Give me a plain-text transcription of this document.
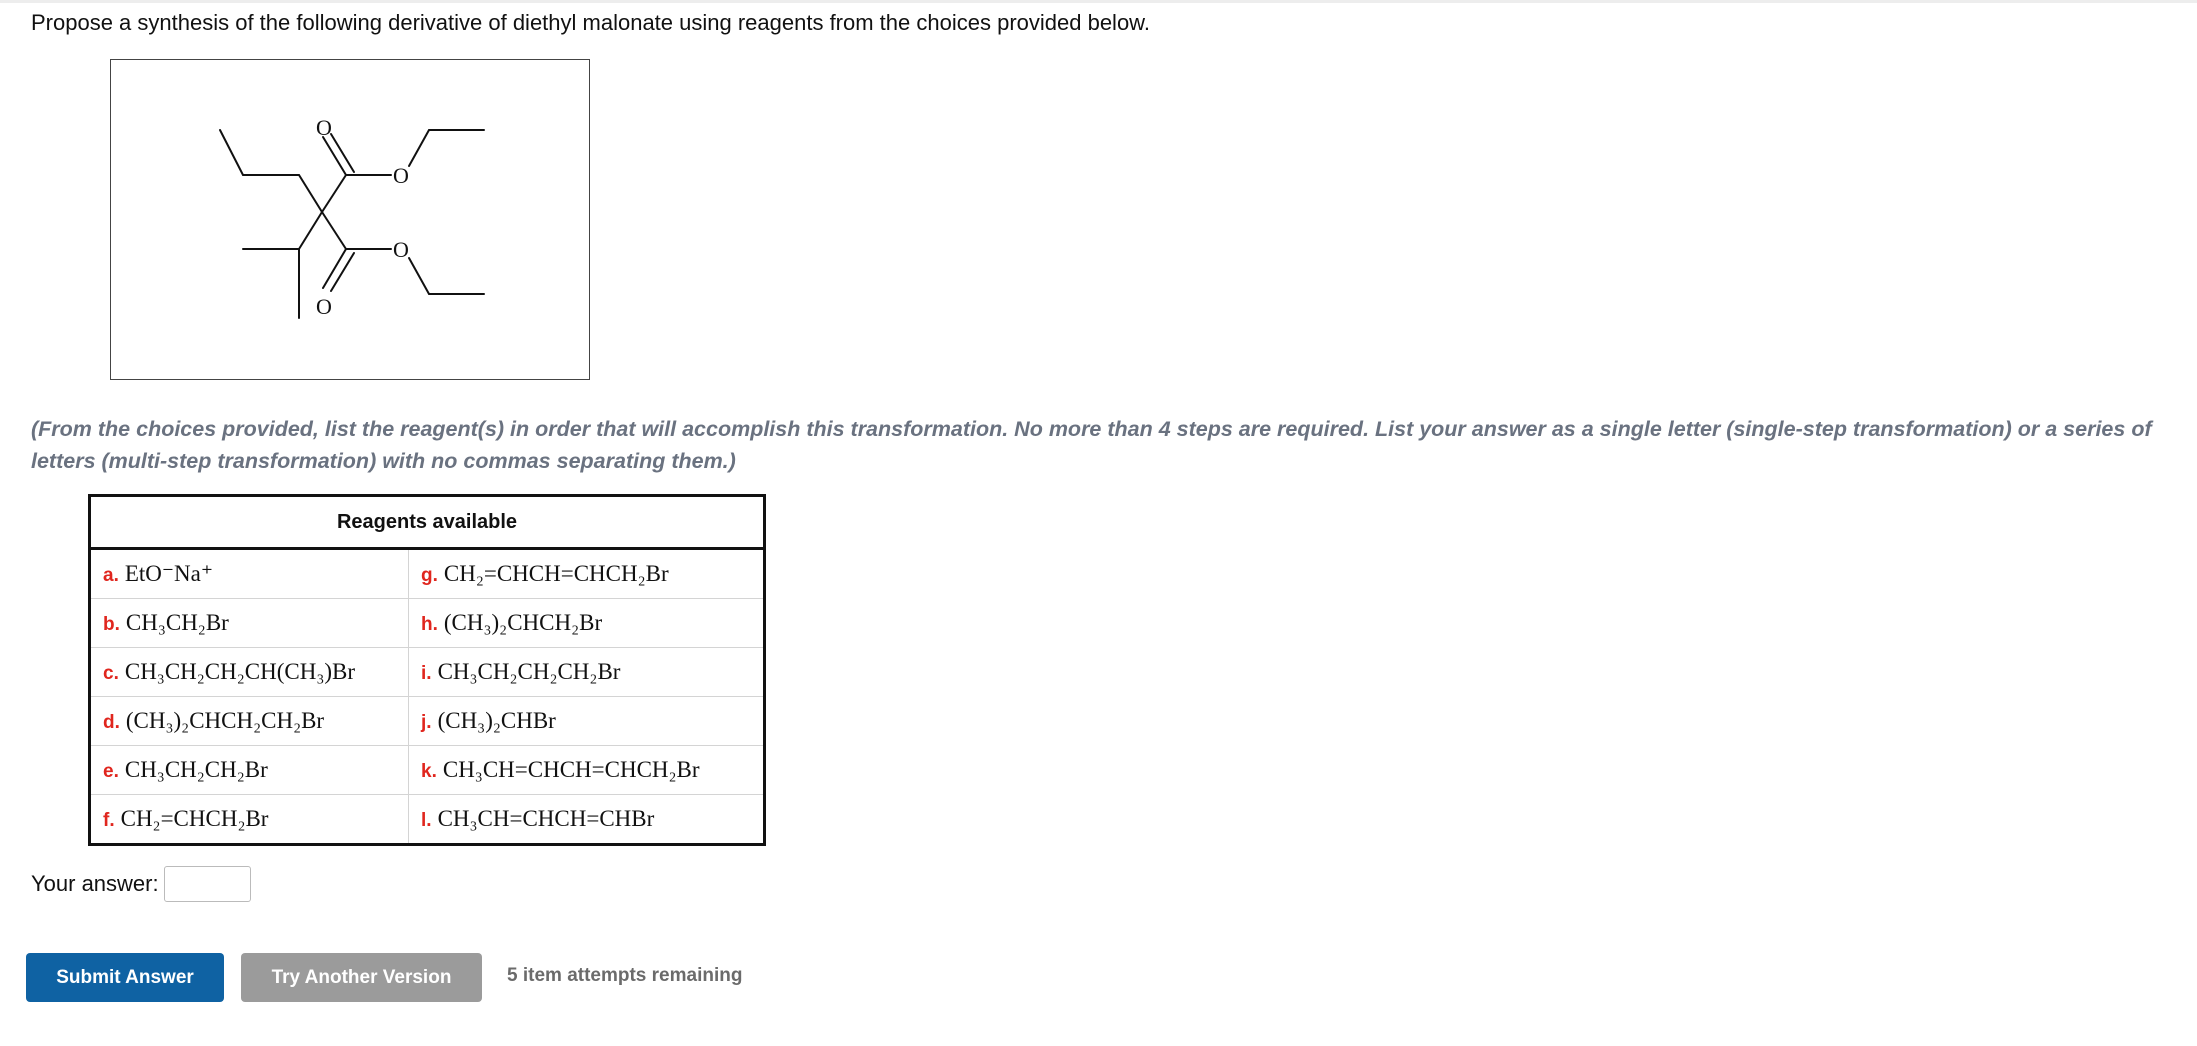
Propose a synthesis of the following derivative of diethyl malonate using reagents from the choices provided below.
O
O
O
O
(From the choices provided, list the reagent(s) in order that will accomplish this transformation. No more than 4 steps are required. List your answer as a single letter (single-step transformation) or a series of letters (multi-step transformation) with no commas separating them.)
Reagents available	
a. EtO⁻Na⁺	g. CH₂=CHCH=CHCH₂Br
b. CH₃CH₂Br	h. (CH₃)₂CHCH₂Br
c. CH₃CH₂CH₂CH(CH₃)Br	i. CH₃CH₂CH₂CH₂Br
d. (CH₃)₂CHCH₂CH₂Br	j. (CH₃)₂CHBr
e. CH₃CH₂CH₂Br	k. CH₃CH=CHCH=CHCH₂Br
f. CH₂=CHCH₂Br	l. CH₃CH=CHCH=CHBr
Your answer:
Submit Answer	Try Another Version	5 item attempts remaining
